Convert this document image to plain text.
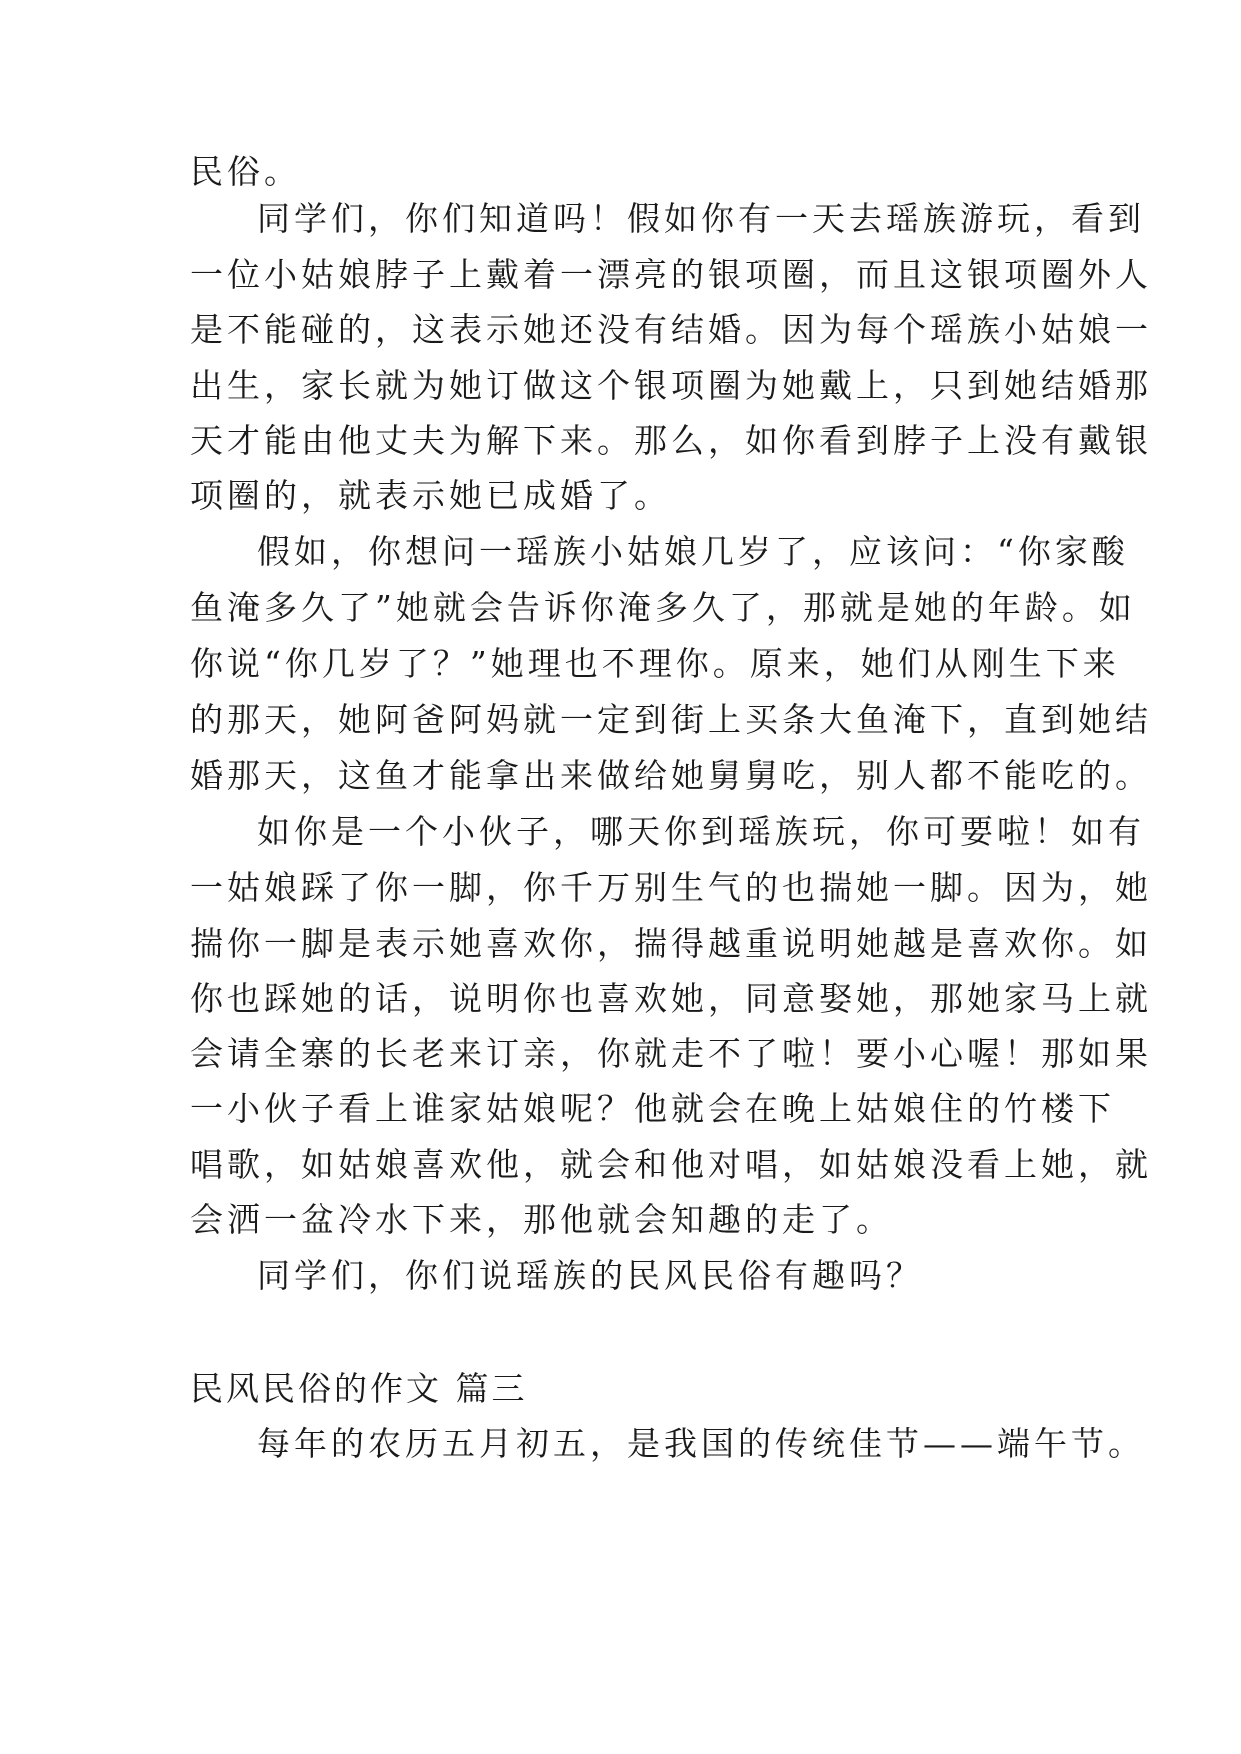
民俗。
同学们，你们知道吗！假如你有一天去瑶族游玩，看到
一位小姑娘脖子上戴着一漂亮的银项圈，而且这银项圈外人
是不能碰的，这表示她还没有结婚。因为每个瑶族小姑娘一
出生，家长就为她订做这个银项圈为她戴上，只到她结婚那
天才能由他丈夫为解下来。那么，如你看到脖子上没有戴银
项圈的，就表示她已成婚了。
假如，你想问一瑶族小姑娘几岁了，应该问：“你家酸
鱼淹多久了”她就会告诉你淹多久了，那就是她的年龄。如
你说“你几岁了？”她理也不理你。原来，她们从刚生下来
的那天，她阿爸阿妈就一定到街上买条大鱼淹下，直到她结
婚那天，这鱼才能拿出来做给她舅舅吃，别人都不能吃的。
如你是一个小伙子，哪天你到瑶族玩，你可要啦！如有
一姑娘踩了你一脚，你千万别生气的也揣她一脚。因为，她
揣你一脚是表示她喜欢你，揣得越重说明她越是喜欢你。如
你也踩她的话，说明你也喜欢她，同意娶她，那她家马上就
会请全寨的长老来订亲，你就走不了啦！要小心喔！那如果
一小伙子看上谁家姑娘呢？他就会在晚上姑娘住的竹楼下
唱歌，如姑娘喜欢他，就会和他对唱，如姑娘没看上她，就
会洒一盆冷水下来，那他就会知趣的走了。
同学们，你们说瑶族的民风民俗有趣吗？
民风民俗的作文 篇三
每年的农历五月初五，是我国的传统佳节——端午节。
